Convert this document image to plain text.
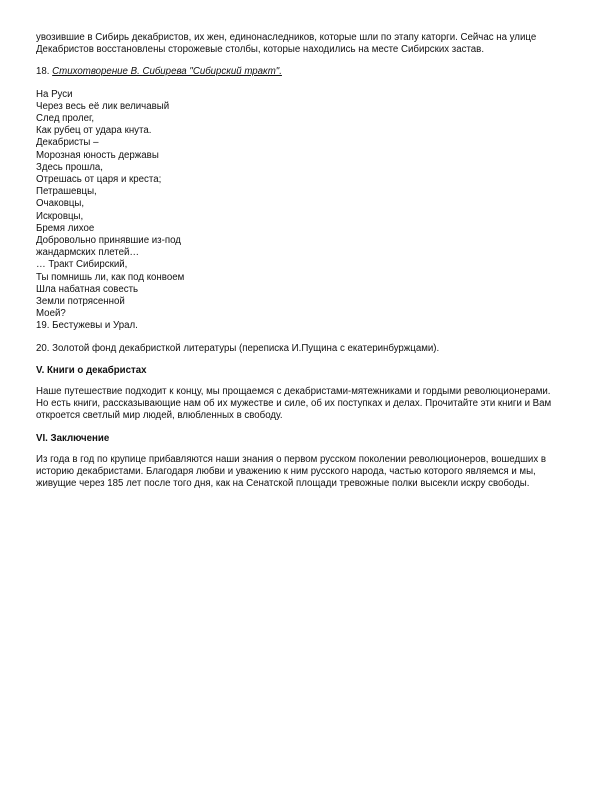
увозившие в Сибирь декабристов, их жен, единонаследников, которые шли по этапу каторги. Сейчас на улице
Декабристов восстановлены сторожевые столбы, которые находились на месте Сибирских застав.

18. Стихотворение В. Сибирева "Сибирский тракт".

На Руси
Через весь её лик величавый
След пролег,
Как рубец от удара кнута.
Декабристы –
Морозная юность державы
Здесь прошла,
Отрешась от царя и креста;
Петрашевцы,
Очаковцы,
Искровцы,
Бремя лихое
Добровольно принявшие из-под
жандармских плетей…
… Тракт Сибирский,
Ты помнишь ли, как под конвоем
Шла набатная совесть
Земли потрясенной
Моей?

19. Бестужевы и Урал.

20. Золотой фонд декабристкой литературы (переписка И.Пущина с екатеринбуржцами).

V. Книги о декабристах

Наше путешествие подходит к концу, мы прощаемся с декабристами-мятежниками и гордыми революционерами.
Но есть книги, рассказывающие нам об их мужестве и силе, об их поступках и делах. Прочитайте эти книги и Вам
откроется светлый мир людей, влюбленных в свободу.

VI. Заключение

Из года в год по крупице прибавляются наши знания о первом русском поколении революционеров, вошедших в
историю декабристами. Благодаря любви и уважению к ним русского народа, частью которого являемся и мы,
живущие через 185 лет после того дня, как на Сенатской площади тревожные полки высекли искру свободы.
